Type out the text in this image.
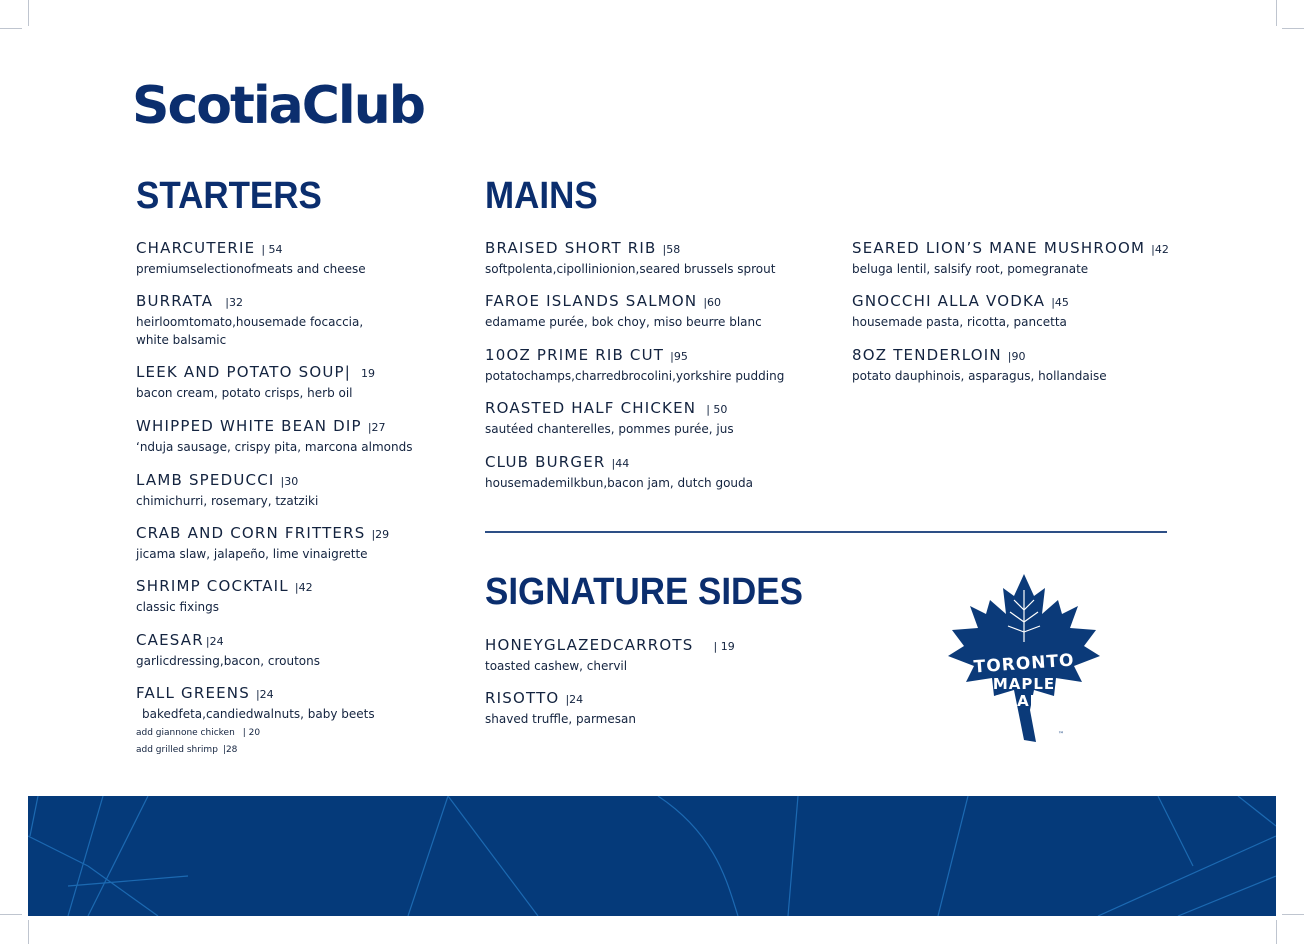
ScotiaClub
STARTERS
CHARCUTERIE | 54
premiumselectionofmeats and cheese
BURRATA |32
heirloomtomato,housemade focaccia,
white balsamic
LEEK AND POTATO SOUP| 19
bacon cream, potato crisps, herb oil
WHIPPED WHITE BEAN DIP |27
‘nduja sausage, crispy pita, marcona almonds
LAMB SPEDUCCI |30
chimichurri, rosemary, tzatziki
CRAB AND CORN FRITTERS |29
jicama slaw, jalapeño, lime vinaigrette
SHRIMP COCKTAIL |42
classic fixings
CAESAR |24
garlicdressing,bacon, croutons
FALL GREENS |24
bakedfeta,candiedwalnuts, baby beets
add giannone chicken | 20
add grilled shrimp |28
MAINS
BRAISED SHORT RIB |58
softpolenta,cipollinionion,seared brussels sprout
FAROE ISLANDS SALMON |60
edamame purée, bok choy, miso beurre blanc
10OZ PRIME RIB CUT |95
potatochamps,charredbrocolini,yorkshire pudding
ROASTED HALF CHICKEN | 50
sautéed chanterelles, pommes purée, jus
CLUB BURGER |44
housemademilkbun,bacon jam, dutch gouda
SEARED LION’S MANE MUSHROOM |42
beluga lentil, salsify root, pomegranate
GNOCCHI ALLA VODKA |45
housemade pasta, ricotta, pancetta
8OZ TENDERLOIN |90
potato dauphinois, asparagus, hollandaise
SIGNATURE SIDES
HONEYGLAZEDCARROTS | 19
toasted cashew, chervil
RISOTTO |24
shaved truffle, parmesan
TORONTO
MAPLE
LEAFS
™
